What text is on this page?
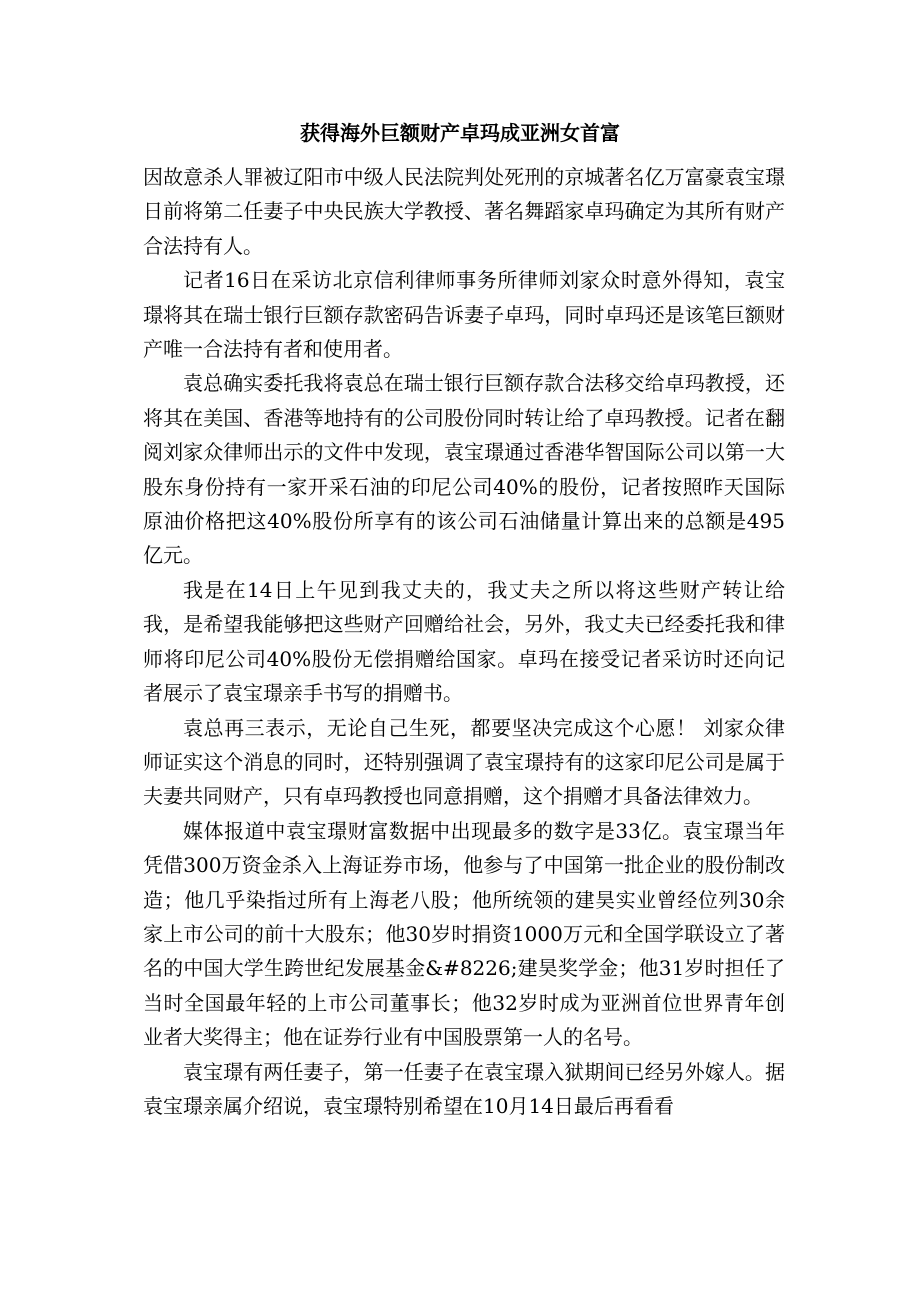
获得海外巨额财产卓玛成亚洲女首富

因故意杀人罪被辽阳市中级人民法院判处死刑的京城著名亿万富豪袁宝璟日前将第二任妻子中央民族大学教授、著名舞蹈家卓玛确定为其所有财产合法持有人。

记者16日在采访北京信利律师事务所律师刘家众时意外得知，袁宝璟将其在瑞士银行巨额存款密码告诉妻子卓玛，同时卓玛还是该笔巨额财产唯一合法持有者和使用者。

袁总确实委托我将袁总在瑞士银行巨额存款合法移交给卓玛教授，还将其在美国、香港等地持有的公司股份同时转让给了卓玛教授。记者在翻阅刘家众律师出示的文件中发现，袁宝璟通过香港华智国际公司以第一大股东身份持有一家开采石油的印尼公司40%的股份，记者按照昨天国际原油价格把这40%股份所享有的该公司石油储量计算出来的总额是495亿元。

我是在14日上午见到我丈夫的，我丈夫之所以将这些财产转让给我，是希望我能够把这些财产回赠给社会，另外，我丈夫已经委托我和律师将印尼公司40%股份无偿捐赠给国家。卓玛在接受记者采访时还向记者展示了袁宝璟亲手书写的捐赠书。

袁总再三表示，无论自己生死，都要坚决完成这个心愿！ 刘家众律师证实这个消息的同时，还特别强调了袁宝璟持有的这家印尼公司是属于夫妻共同财产，只有卓玛教授也同意捐赠，这个捐赠才具备法律效力。

媒体报道中袁宝璟财富数据中出现最多的数字是33亿。袁宝璟当年凭借300万资金杀入上海证券市场，他参与了中国第一批企业的股份制改造；他几乎染指过所有上海老八股；他所统领的建昊实业曾经位列30余家上市公司的前十大股东；他30岁时捐资1000万元和全国学联设立了著名的中国大学生跨世纪发展基金&#8226;建昊奖学金；他31岁时担任了当时全国最年轻的上市公司董事长；他32岁时成为亚洲首位世界青年创业者大奖得主；他在证券行业有中国股票第一人的名号。

袁宝璟有两任妻子，第一任妻子在袁宝璟入狱期间已经另外嫁人。据袁宝璟亲属介绍说，袁宝璟特别希望在10月14日最后再看看
